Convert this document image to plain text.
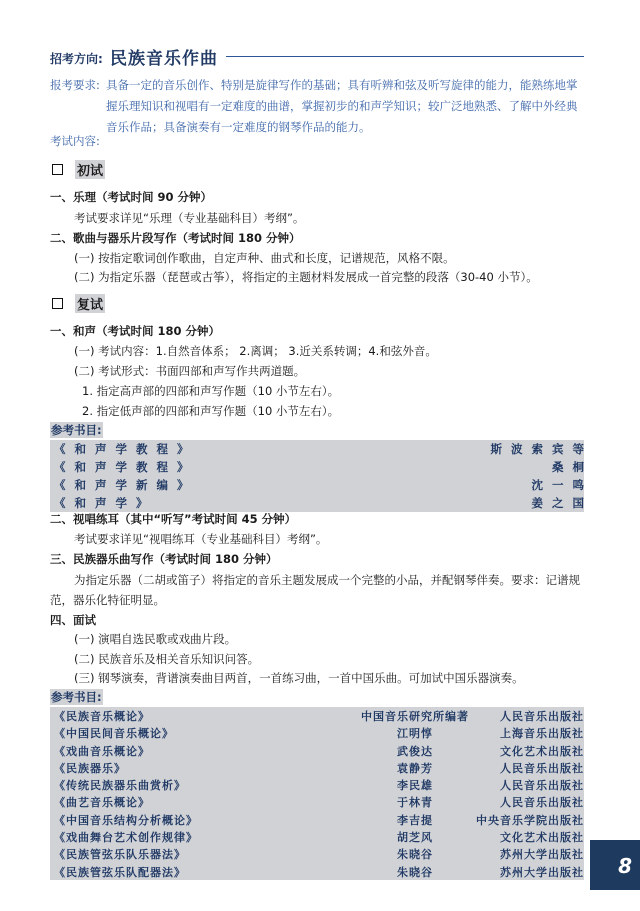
招考方向: 民族音乐作曲
报考要求: 具备一定的音乐创作、特别是旋律写作的基础；具有听辨和弦及听写旋律的能力，能熟练地掌
握乐理知识和视唱有一定难度的曲谱，掌握初步的和声学知识；较广泛地熟悉、了解中外经典
音乐作品；具备演奏有一定难度的钢琴作品的能力。
考试内容:
初试
一、乐理（考试时间 90 分钟）
考试要求详见“乐理（专业基础科目）考纲”。
二、歌曲与器乐片段写作（考试时间 180 分钟）
(一) 按指定歌词创作歌曲，自定声种、曲式和长度，记谱规范，风格不限。
(二) 为指定乐器（琵琶或古筝），将指定的主题材料发展成一首完整的段落（30-40 小节）。
复试
一、和声（考试时间 180 分钟）
(一) 考试内容：1.自然音体系； 2.离调； 3.近关系转调；4.和弦外音。
(二) 考试形式：书面四部和声写作共两道题。
1. 指定高声部的四部和声写作题（10 小节左右）。
2. 指定低声部的四部和声写作题（10 小节左右）。
参考书目:
《和声学教程》	斯波索宾等
《和声学教程》	桑桐
《和声学新编》	沈一鸣
《和声学》	姜之国
二、视唱练耳（其中“听写”考试时间 45 分钟）
考试要求详见“视唱练耳（专业基础科目）考纲”。
三、民族器乐曲写作（考试时间 180 分钟）
为指定乐器（二胡或笛子）将指定的音乐主题发展成一个完整的小品，并配钢琴伴奏。要求：记谱规
范，器乐化特征明显。
四、面试
(一) 演唱自选民歌或戏曲片段。
(二) 民族音乐及相关音乐知识问答。
(三) 钢琴演奏，背谱演奏曲目两首，一首练习曲，一首中国乐曲。可加试中国乐器演奏。
参考书目:
《民族音乐概论》	中国音乐研究所编著	人民音乐出版社
《中国民间音乐概论》	江明惇	上海音乐出版社
《戏曲音乐概论》	武俊达	文化艺术出版社
《民族器乐》	袁静芳	人民音乐出版社
《传统民族器乐曲赏析》	李民雄	人民音乐出版社
《曲艺音乐概论》	于林青	人民音乐出版社
《中国音乐结构分析概论》	李吉提	中央音乐学院出版社
《戏曲舞台艺术创作规律》	胡芝风	文化艺术出版社
《民族管弦乐队乐器法》	朱晓谷	苏州大学出版社
《民族管弦乐队配器法》	朱晓谷	苏州大学出版社 8
